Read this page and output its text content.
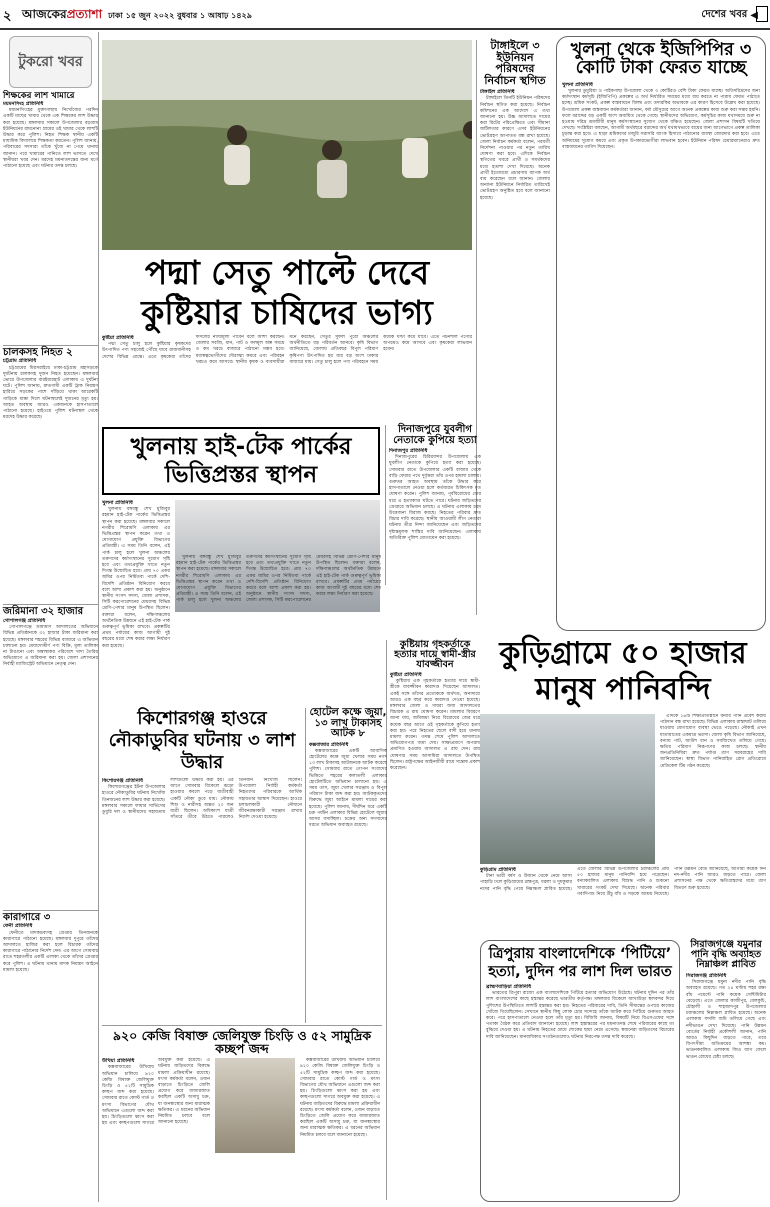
২ আজকেরপ্রত্যাশা ঢাকা ১৫ জুন ২০২২ বুধবার ১ আষাঢ় ১৪২৯	দেশের খবর ◀
টুকরো খবর
শিক্ষকের লাশ খামারে
ময়মনসিংহ প্রতিনিধি

ময়মনসিংহের মুক্তাগাছায় নিখোঁজের পরদিন একটি মাছের খামার থেকে এক শিক্ষকের লাশ উদ্ধার করা হয়েছে। মঙ্গলবার সকালে উপজেলার বড়গ্রাম ইউনিয়নের রামনোনা গ্রামের ওই খামার থেকে লাশটি উদ্ধার করে পুলিশ। নিহত শিক্ষক স্থানীয় একটি মাধ্যমিক বিদ্যালয়ে শিক্ষকতা করতেন। পুলিশ জানায়, পরিবারের সদস্যরা তাঁকে খুঁজে না পেয়ে থানায় জানান। পরে খামারের পানিতে লাশ ভাসতে দেখে স্থানীয়রা খবর দেন। মরদেহ ময়নাতদন্তের জন্য মর্গে পাঠানো হয়েছে এবং ঘটনার তদন্ত চলছে।

চালকসহ নিহত ২
চট্টগ্রাম প্রতিনিধি

চট্টগ্রামের মিরসরাইয়ে ঢাকা-চট্টগ্রাম মহাসড়কে দুর্ঘটনায় চালকসহ দুজন নিহত হয়েছেন। মঙ্গলবার ভোরে উপজেলার বারইয়ারহাট এলাকায় এ দুর্ঘটনা ঘটে। পুলিশ জানায়, দ্রুতগামী একটি ট্রাক নিয়ন্ত্রণ হারিয়ে সড়কের পাশে দাঁড়িয়ে থাকা আরেকটি গাড়িকে ধাক্কা দিলে ঘটনাস্থলেই দুজনের মৃত্যু হয়। আহত অবস্থায় আরও একজনকে হাসপাতালে পাঠানো হয়েছে। হাইওয়ে পুলিশ ঘটনাস্থল থেকে মরদেহ উদ্ধার করেছে।

জরিমানা ৩২ হাজার
গোপালগঞ্জ প্রতিনিধি

গোপালগঞ্জে ভ্রাম্যমাণ আদালতের অভিযানে বিভিন্ন প্রতিষ্ঠানকে ৩২ হাজার টাকা জরিমানা করা হয়েছে। মঙ্গলবার শহরের বিভিন্ন বাজারে এ অভিযান চালানো হয়। মেয়াদোত্তীর্ণ পণ্য বিক্রি, মূল্য তালিকা না টাঙানো এবং অস্বাস্থ্যকর পরিবেশে খাদ্য তৈরির অভিযোগে এ জরিমানা করা হয়। জেলা প্রশাসনের নির্বাহী ম্যাজিস্ট্রেট অভিযানে নেতৃত্ব দেন।

কারাগারে ৩
ফেনী প্রতিনিধি

ফেনীতে মাদকদ্রব্যসহ গ্রেপ্তার তিনজনকে কারাগারে পাঠানো হয়েছে। মঙ্গলবার দুপুরে তাঁদের আদালতে হাজির করা হলে বিচারক তাঁদের কারাগারে পাঠানোর নির্দেশ দেন। এর আগে সোমবার রাতে শহরতলীর একটি এলাকা থেকে তাঁদের গ্রেপ্তার করে পুলিশ। এ ঘটনায় থানায় মাদক নিয়ন্ত্রণ আইনে মামলা হয়েছে।

টাঙ্গাইলে ৩ ইউনিয়ন পরিষদের নির্বাচন স্থগিত
টাঙ্গাইল প্রতিনিধি

টাঙ্গাইলে তিনটি ইউনিয়ন পরিষদের নির্বাচন স্থগিত করা হয়েছে। নির্বাচন কমিশনের এক আদেশে এ তথ্য জানানো হয়। উচ্চ আদালতে দায়ের করা রিটের পরিপ্রেক্ষিতে এবং সীমানা জটিলতার কারণে এসব ইউনিয়নের ভোটগ্রহণ আপাতত বন্ধ রাখা হয়েছে। জেলা নির্বাচন কর্মকর্তা বলেন, পরবর্তী নির্দেশনা পাওয়ার পর নতুন তারিখ ঘোষণা করা হবে। এদিকে নির্বাচন স্থগিতের খবরে প্রার্থী ও সমর্থকদের মধ্যে হতাশা দেখা দিয়েছে। অনেক প্রার্থী ইতোমধ্যে প্রচারণায় ব্যাপক অর্থ ব্যয় করেছেন বলে জানান। জেলার অন্যান্য ইউনিয়নে নির্ধারিত তারিখেই ভোটগ্রহণ অনুষ্ঠিত হবে বলে জানানো হয়েছে।

খুলনা থেকে ইজিপিপির ৩ কোটি টাকা ফেরত যাচ্ছে
খুলনা প্রতিনিধি

খুলনার ডুমুরিয়া ও পাইকগাছা উপজেলা থেকে ৩ কোটিরও বেশি টাকা ফেরত যাচ্ছে। অতিদরিদ্রদের জন্য কর্মসংস্থান কর্মসূচি (ইজিপিপি) প্রকল্পের এ অর্থ নির্ধারিত সময়ের মধ্যে ব্যয় করতে না পারায় ফেরত পাঠাতে হচ্ছে। শ্রমিক সংকট, প্রকল্প বাস্তবায়নে বিলম্ব এবং তদারকির অভাবকে এর কারণ হিসেবে উল্লেখ করা হয়েছে। উপজেলা প্রকল্প বাস্তবায়ন কর্মকর্তারা জানান, বর্ষা মৌসুমের আগে অনেক প্রকল্পের কাজ শুরু করা সম্ভব হয়নি। ফলে বরাদ্দের বড় একটি অংশ অব্যয়িত থেকে গেছে। স্থানীয়দের অভিযোগ, কর্মসূচির কাজ যথাসময়ে শুরু না হওয়ায় দরিদ্র শ্রমজীবী মানুষ কর্মসংস্থানের সুযোগ থেকে বঞ্চিত হয়েছেন। জেলা প্রশাসন বিষয়টি খতিয়ে দেখছে। সংশ্লিষ্টরা বলছেন, আগামী অর্থবছরে বরাদ্দের অর্থ যথাযথভাবে ব্যয়ের জন্য আগেভাগে প্রকল্প তালিকা চূড়ান্ত করা হবে। এ ছাড়া শ্রমিকদের মজুরি সরাসরি ব্যাংক হিসাবে পাঠানোর ব্যবস্থা জোরদার করা হবে। এতে অনিয়মের সুযোগ কমবে এবং প্রকৃত উপকারভোগীরা লাভবান হবেন। ইউনিয়ন পরিষদ চেয়ারম্যানেরাও দ্রুত বাস্তবায়নের তাগিদ দিয়েছেন।

পদ্মা সেতু পাল্টে দেবে কুষ্টিয়ার চাষিদের ভাগ্য
কুষ্টিয়া প্রতিনিধি

পদ্মা সেতু চালু হলে কুষ্টিয়ার কৃষকদের উৎপাদিত পণ্য সহজেই পৌঁছে যাবে রাজধানীসহ দেশের বিভিন্ন প্রান্তে। এতে কৃষকেরা তাঁদের ফসলের ন্যায্যমূল্য পাবেন বলে আশা করছেন। জেলার সবজি, ধান, পাট ও ফলমূল অল্প সময়ে ও কম খরচে বাজারে পাঠানো সম্ভব হবে। মধ্যস্বত্বভোগীদের দৌরাত্ম্য কমবে এবং পরিবহন খরচও কমে আসবে। স্থানীয় কৃষক ও ব্যবসায়ীরা মনে করছেন, সেতুর সুফল পুরো অঞ্চলের অর্থনীতিতে বড় পরিবর্তন আনবে। কৃষি বিভাগ জানিয়েছে, জেলায় প্রতিবছর বিপুল পরিমাণ কৃষিপণ্য উৎপাদিত হয় যার বড় অংশ ঢাকার বাজারে যায়। সেতু চালু হলে পণ্য পরিবহনে সময় কয়েক ঘণ্টা কমে যাবে। এতে পচনশীল পণ্যের অপচয়ও কমে আসবে এবং কৃষকেরা লাভবান হবেন।

দিনাজপুরে যুবলীগ নেতাকে কুপিয়ে হত্যা
দিনাজপুর প্রতিনিধি

দিনাজপুরের চিরিরবন্দর উপজেলায় এক যুবলীগ নেতাকে কুপিয়ে হত্যা করা হয়েছে। সোমবার রাতে উপজেলার একটি বাজার থেকে বাড়ি ফেরার পথে দুর্বৃত্তরা তাঁর ওপর হামলা চালায়। গুরুতর আহত অবস্থায় তাঁকে উদ্ধার করে হাসপাতালে নেওয়া হলে কর্তব্যরত চিকিৎসক মৃত ঘোষণা করেন। পুলিশ জানায়, পূর্ববিরোধের জের ধরে এ হত্যাকাণ্ড ঘটতে পারে। ঘটনায় জড়িতদের গ্রেপ্তারে অভিযান চলছে। এ ঘটনায় এলাকায় চরম উত্তেজনা বিরাজ করছে। নিহতের পরিবার দ্রুত বিচার দাবি করেছে। স্থানীয় আওয়ামী লীগ নেতারা ঘটনার তীব্র নিন্দা জানিয়েছেন এবং জড়িতদের দৃষ্টান্তমূলক শাস্তির দাবি জানিয়েছেন। এলাকায় অতিরিক্ত পুলিশ মোতায়েন করা হয়েছে।

খুলনায় হাই-টেক পার্কের ভিত্তিপ্রস্তর স্থাপন
খুলনা প্রতিনিধি

খুলনায় বঙ্গবন্ধু শেখ মুজিবুর রহমান হাই-টেক পার্কের ভিত্তিপ্রস্তর স্থাপন করা হয়েছে। মঙ্গলবার সকালে নগরীর শিরোমণি এলাকায় এর ভিত্তিপ্রস্তর স্থাপন করেন তথ্য ও যোগাযোগ প্রযুক্তি বিভাগের প্রতিমন্ত্রী। এ সময় তিনি বলেন, এই পার্ক চালু হলে খুলনা অঞ্চলের তরুণদের কর্মসংস্থানের সুযোগ সৃষ্টি হবে এবং তথ্যপ্রযুক্তি খাতে নতুন দিগন্ত উন্মোচিত হবে। প্রায় ৭০ একর জমির ওপর নির্মিতব্য পার্কে দেশি-বিদেশি প্রতিষ্ঠান বিনিয়োগ করবে বলে আশা প্রকাশ করা হয়। অনুষ্ঠানে স্থানীয় সংসদ সদস্য, জেলা প্রশাসক, সিটি করপোরেশনের মেয়রসহ বিভিন্ন শ্রেণি-পেশার মানুষ উপস্থিত ছিলেন। বক্তারা বলেন, দক্ষিণাঞ্চলের অর্থনৈতিক উন্নয়নে এই হাই-টেক পার্ক গুরুত্বপূর্ণ ভূমিকা রাখবে। প্রকল্পটির প্রথম পর্যায়ের কাজ আগামী দুই বছরের মধ্যে শেষ করার লক্ষ্য নির্ধারণ করা হয়েছে।

খুলনায় বঙ্গবন্ধু শেখ মুজিবুর রহমান হাই-টেক পার্কের ভিত্তিপ্রস্তর স্থাপন করা হয়েছে। মঙ্গলবার সকালে নগরীর শিরোমণি এলাকায় এর ভিত্তিপ্রস্তর স্থাপন করেন তথ্য ও যোগাযোগ প্রযুক্তি বিভাগের প্রতিমন্ত্রী। এ সময় তিনি বলেন, এই পার্ক চালু হলে খুলনা অঞ্চলের তরুণদের কর্মসংস্থানের সুযোগ সৃষ্টি হবে এবং তথ্যপ্রযুক্তি খাতে নতুন দিগন্ত উন্মোচিত হবে। প্রায় ৭০ একর জমির ওপর নির্মিতব্য পার্কে দেশি-বিদেশি প্রতিষ্ঠান বিনিয়োগ করবে বলে আশা প্রকাশ করা হয়। অনুষ্ঠানে স্থানীয় সংসদ সদস্য, জেলা প্রশাসক, সিটি করপোরেশনের মেয়রসহ বিভিন্ন শ্রেণি-পেশার মানুষ উপস্থিত ছিলেন। বক্তারা বলেন, দক্ষিণাঞ্চলের অর্থনৈতিক উন্নয়নে এই হাই-টেক পার্ক গুরুত্বপূর্ণ ভূমিকা রাখবে। প্রকল্পটির প্রথম পর্যায়ের কাজ আগামী দুই বছরের মধ্যে শেষ করার লক্ষ্য নির্ধারণ করা হয়েছে।

কুষ্টিয়ায় গৃহকর্তাকে হত্যার দায়ে স্বামী-স্ত্রীর যাবজ্জীবন
কুষ্টিয়া প্রতিনিধি

কুষ্টিয়ায় এক গৃহকর্তাকে হত্যার দায়ে স্বামী-স্ত্রীকে যাবজ্জীবন কারাদণ্ড দিয়েছেন আদালত। একই সঙ্গে তাঁদের প্রত্যেককে অর্থদণ্ড, অনাদায়ে আরও এক বছর করে কারাদণ্ড দেওয়া হয়েছে। মঙ্গলবার জেলা ও দায়রা জজ আদালতের বিচারক এ রায় ঘোষণা করেন। মামলার বিবরণে জানা যায়, জমিজমা নিয়ে বিরোধের জের ধরে কয়েক বছর আগে ওই গৃহকর্তাকে কুপিয়ে হত্যা করা হয়। পরে নিহতের ছেলে বাদী হয়ে থানায় মামলা করেন। তদন্ত শেষে পুলিশ আদালতে অভিযোগপত্র জমা দেয়। সাক্ষ্যপ্রমাণে অপরাধ প্রমাণিত হওয়ায় আদালত এ রায় দেন। রায় ঘোষণার সময় আসামিরা আদালতে উপস্থিত ছিলেন। রাষ্ট্রপক্ষের আইনজীবী রায়ে সন্তোষ প্রকাশ করেছেন।

কিশোরগঞ্জ হাওরে নৌকাডুবির ঘটনায় ৩ লাশ উদ্ধার
কিশোরগঞ্জ প্রতিনিধি

কিশোরগঞ্জের ইটনা উপজেলার হাওরে নৌকাডুবির ঘটনায় নিখোঁজ তিনজনের লাশ উদ্ধার করা হয়েছে। মঙ্গলবার সকালে ফায়ার সার্ভিসের ডুবুরি দল ও স্থানীয়দের সহায়তায় লাশগুলো উদ্ধার করা হয়। এর আগে সোমবার বিকেলে ঝড়ো হাওয়ার কবলে পড়ে যাত্রীবাহী একটি নৌকা ডুবে যায়। নৌকায় শিশু ও নারীসহ অন্তত ২০ জন যাত্রী ছিলেন। অধিকাংশ যাত্রী সাঁতরে তীরে উঠতে পারলেও তিনজন নিখোঁজ ছিলেন। উপজেলা নির্বাহী কর্মকর্তা নিহতদের পরিবারকে আর্থিক সহায়তার আশ্বাস দিয়েছেন। হাওরে চলাচলকারী নৌযানে জীবনরক্ষাকারী সরঞ্জাম রাখার নির্দেশ দেওয়া হয়েছে।

হোটেল কক্ষে জুয়া, ১৩ লাখ টাকাসহ আটক ৮
কক্সবাজার প্রতিনিধি

কক্সবাজারের একটি আবাসিক হোটেলের কক্ষে জুয়া খেলার সময় নগদ ১৩ লাখ টাকাসহ আটজনকে আটক করেছে পুলিশ। সোমবার রাতে গোপন সংবাদের ভিত্তিতে শহরের কলাতলী এলাকার হোটেলটিতে অভিযান চালানো হয়। এ সময় তাস, জুয়া খেলার সরঞ্জাম ও বিপুল পরিমাণ টাকা জব্দ করা হয়। আটককৃতদের বিরুদ্ধে জুয়া আইনে মামলা দায়ের করা হয়েছে। পুলিশ জানায়, দীর্ঘদিন ধরে একটি চক্র পর্যটন এলাকার বিভিন্ন হোটেলে জুয়ার আসর বসাচ্ছিল। চক্রের অন্য সদস্যদের ধরতে অভিযান অব্যাহত রয়েছে।

৯২০ কেজি বিষাক্ত জেলিযুক্ত চিংড়ি ও ৫২ সামুদ্রিক কচ্ছপ জব্দ
উখিয়া প্রতিনিধি

কক্সবাজারের উখিয়ায় অভিযান চালিয়ে ৯২০ কেজি বিষাক্ত জেলিযুক্ত চিংড়ি ও ৫২টি সামুদ্রিক কচ্ছপ জব্দ করা হয়েছে। সোমবার রাতে কোস্ট গার্ড ও মৎস্য বিভাগের যৌথ অভিযানে এগুলো জব্দ করা হয়। চিংড়িগুলো ধ্বংস করা হয় এবং কচ্ছপগুলো সাগরে অবমুক্ত করা হয়েছে। এ ঘটনায় জড়িতদের বিরুদ্ধে মামলা প্রক্রিয়াধীন রয়েছে। মৎস্য কর্মকর্তা বলেন, ওজন বাড়াতে চিংড়িতে জেলি প্রয়োগ করে বাজারজাত করছিল একটি অসাধু চক্র, যা জনস্বাস্থ্যের জন্য মারাত্মক ক্ষতিকর। এ ধরনের অভিযান নিয়মিত চলবে বলে জানানো হয়েছে।

কক্সবাজারের উখিয়ায় অভিযান চালিয়ে ৯২০ কেজি বিষাক্ত জেলিযুক্ত চিংড়ি ও ৫২টি সামুদ্রিক কচ্ছপ জব্দ করা হয়েছে। সোমবার রাতে কোস্ট গার্ড ও মৎস্য বিভাগের যৌথ অভিযানে এগুলো জব্দ করা হয়। চিংড়িগুলো ধ্বংস করা হয় এবং কচ্ছপগুলো সাগরে অবমুক্ত করা হয়েছে। এ ঘটনায় জড়িতদের বিরুদ্ধে মামলা প্রক্রিয়াধীন রয়েছে। মৎস্য কর্মকর্তা বলেন, ওজন বাড়াতে চিংড়িতে জেলি প্রয়োগ করে বাজারজাত করছিল একটি অসাধু চক্র, যা জনস্বাস্থ্যের জন্য মারাত্মক ক্ষতিকর। এ ধরনের অভিযান নিয়মিত চলবে বলে জানানো হয়েছে।

কুড়িগ্রামে ৫০ হাজার মানুষ পানিবন্দি

এদিকে ১৬টি শিক্ষাপ্রতিষ্ঠানে বন্যার পানি প্রবেশ করায় পাঠদান বন্ধ রাখা হয়েছে। বিভিন্ন এলাকায় রাস্তাঘাট তলিয়ে যাওয়ায় যোগাযোগ ব্যবস্থা ভেঙে পড়েছে। নৌকাই এখন যাতায়াতের একমাত্র ভরসা। জেলা কৃষি বিভাগ জানিয়েছে, বন্যায় পাট, আউশ ধান ও সবজিখেত তলিয়ে গেছে। ক্ষতির পরিমাণ নিরূপণের কাজ চলছে। স্থানীয় জনপ্রতিনিধিরা দ্রুত পর্যাপ্ত ত্রাণ সরবরাহের দাবি জানিয়েছেন। স্বাস্থ্য বিভাগ পানিবাহিত রোগ প্রতিরোধে মেডিকেল টিম গঠন করেছে।

কুড়িগ্রাম প্রতিনিধি

টানা ভারী বর্ষণ ও উজান থেকে নেমে আসা পাহাড়ি ঢলে কুড়িগ্রামের ব্রহ্মপুত্র, ধরলা ও দুধকুমার নদের পানি বৃদ্ধি পেয়ে নিম্নাঞ্চল প্লাবিত হয়েছে। এতে জেলার বিভিন্ন উপজেলার চরাঞ্চলের প্রায় ৫০ হাজার মানুষ পানিবন্দি হয়ে পড়েছেন। বন্যাকবলিত এলাকায় বিশুদ্ধ পানি ও শুকনো খাবারের সংকট দেখা দিয়েছে। অনেক পরিবার গবাদিপশু নিয়ে উঁচু বাঁধ ও সড়কে আশ্রয় নিয়েছে। পানি উন্নয়ন বোর্ড জানিয়েছে, আগামী কয়েক দিন নদ-নদীর পানি আরও বাড়তে পারে। জেলা প্রশাসনের পক্ষ থেকে ক্ষতিগ্রস্তদের মধ্যে ত্রাণ বিতরণ শুরু হয়েছে।

ত্রিপুরায় বাংলাদেশিকে ‘পিটিয়ে’ হত্যা, দুদিন পর লাশ দিল ভারত
ব্রাহ্মণবাড়িয়া প্রতিনিধি

ভারতের ত্রিপুরা রাজ্যে এক বাংলাদেশিকে পিটিয়ে হত্যার অভিযোগ উঠেছে। ঘটনার দুদিন পর তাঁর লাশ বাংলাদেশের কাছে হস্তান্তর করেছে ভারতীয় কর্তৃপক্ষ। মঙ্গলবার বিকেলে আখাউড়া স্থলবন্দর দিয়ে পুলিশের উপস্থিতিতে লাশটি হস্তান্তর করা হয়। নিহতের পরিবারের দাবি, তিনি সীমান্তের ওপারে কাজের খোঁজে গিয়েছিলেন। সেখানে স্থানীয় কিছু লোক চোর সন্দেহে তাঁকে আটক করে পিটিয়ে গুরুতর আহত করে। পরে হাসপাতালে নেওয়া হলে তাঁর মৃত্যু হয়। বিজিবি জানায়, বিষয়টি নিয়ে বিএসএফের সঙ্গে পতাকা বৈঠক করে প্রতিবাদ জানানো হয়েছে। লাশ হস্তান্তরের পর ময়নাতদন্ত শেষে পরিবারের কাছে তা বুঝিয়ে দেওয়া হয়। এ ঘটনায় নিহতের গ্রামে শোকের ছায়া নেমে এসেছে। স্বজনেরা জড়িতদের বিচারের দাবি জানিয়েছেন। মানবাধিকার সংগঠনগুলোও ঘটনার নিরপেক্ষ তদন্ত দাবি করেছে।

সিরাজগঞ্জে যমুনার পানি বৃদ্ধি অব্যাহত নিম্নাঞ্চল প্লাবিত
সিরাজগঞ্জ প্রতিনিধি

সিরাজগঞ্জে যমুনা নদীর পানি বৃদ্ধি অব্যাহত রয়েছে। গত ২৪ ঘণ্টায় শহর রক্ষা বাঁধ পয়েন্টে পানি কয়েক সেন্টিমিটার বেড়েছে। এতে জেলার কাজীপুর, বেলকুচি, চৌহালী ও শাহজাদপুর উপজেলার চরাঞ্চলের নিম্নাঞ্চল প্লাবিত হয়েছে। অনেক এলাকায় ফসলি জমি তলিয়ে গেছে এবং নদীভাঙন দেখা দিয়েছে। পানি উন্নয়ন বোর্ডের নির্বাহী প্রকৌশলী জানান, পানি আরও কিছুদিন বাড়তে পারে, তবে বিপৎসীমা অতিক্রমের আশঙ্কা কম। ভাঙনকবলিত এলাকায় জিও ব্যাগ ফেলে ভাঙন রোধের চেষ্টা চলছে।
